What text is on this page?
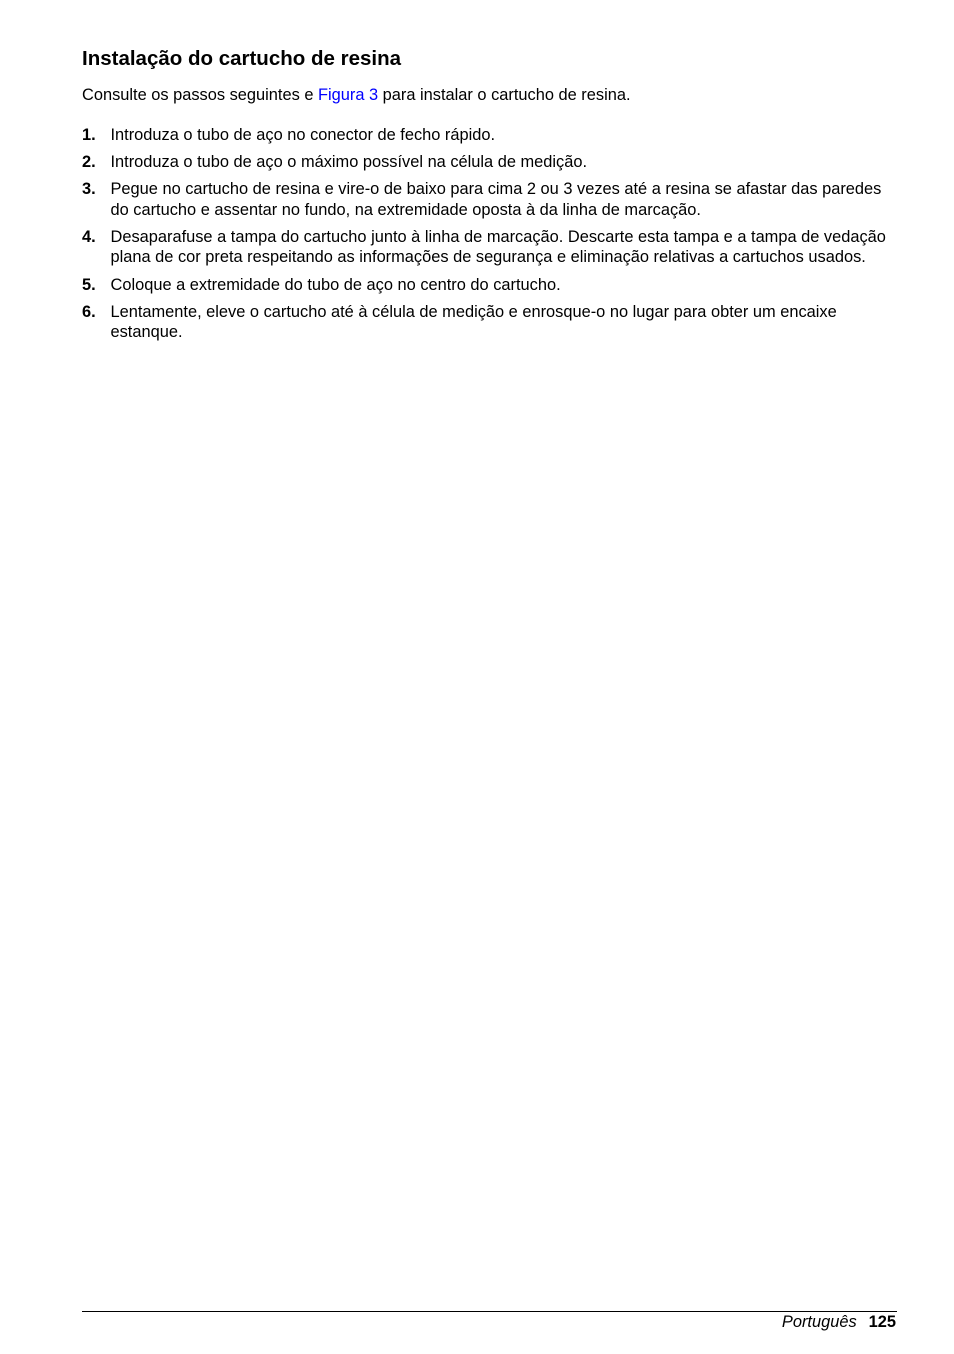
Instalação do cartucho de resina

Consulte os passos seguintes e Figura 3 para instalar o cartucho de resina.

1. Introduza o tubo de aço no conector de fecho rápido.
2. Introduza o tubo de aço o máximo possível na célula de medição.
3. Pegue no cartucho de resina e vire-o de baixo para cima 2 ou 3 vezes até a resina se afastar das paredes do cartucho e assentar no fundo, na extremidade oposta à da linha de marcação.
4. Desaparafuse a tampa do cartucho junto à linha de marcação. Descarte esta tampa e a tampa de vedação plana de cor preta respeitando as informações de segurança e eliminação relativas a cartuchos usados.
5. Coloque a extremidade do tubo de aço no centro do cartucho.
6. Lentamente, eleve o cartucho até à célula de medição e enrosque-o no lugar para obter um encaixe estanque.
Português 125
